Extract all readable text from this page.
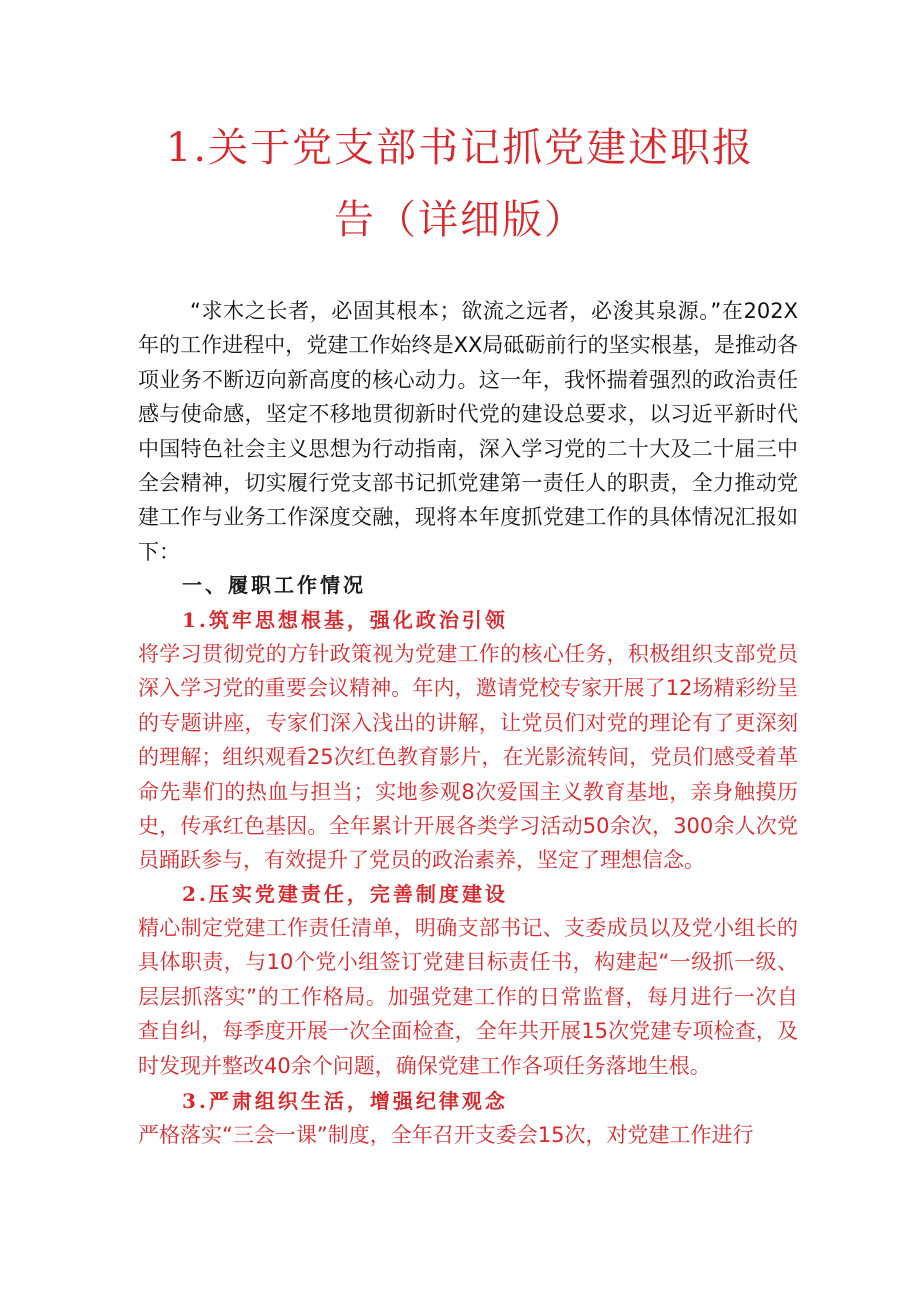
1.关于党支部书记抓党建述职报
告（详细版）

“求木之长者，必固其根本；欲流之远者，必浚其泉源。”在202X年的工作进程中，党建工作始终是XX局砥砺前行的坚实根基，是推动各项业务不断迈向新高度的核心动力。这一年，我怀揣着强烈的政治责任感与使命感，坚定不移地贯彻新时代党的建设总要求，以习近平新时代中国特色社会主义思想为行动指南，深入学习党的二十大及二十届三中全会精神，切实履行党支部书记抓党建第一责任人的职责，全力推动党建工作与业务工作深度交融，现将本年度抓党建工作的具体情况汇报如下：

一、履职工作情况
1.筑牢思想根基，强化政治引领

将学习贯彻党的方针政策视为党建工作的核心任务，积极组织支部党员深入学习党的重要会议精神。年内，邀请党校专家开展了12场精彩纷呈的专题讲座，专家们深入浅出的讲解，让党员们对党的理论有了更深刻的理解；组织观看25次红色教育影片，在光影流转间，党员们感受着革命先辈们的热血与担当；实地参观8次爱国主义教育基地，亲身触摸历史，传承红色基因。全年累计开展各类学习活动50余次，300余人次党员踊跃参与，有效提升了党员的政治素养，坚定了理想信念。

2.压实党建责任，完善制度建设

精心制定党建工作责任清单，明确支部书记、支委成员以及党小组长的具体职责，与10个党小组签订党建目标责任书，构建起“一级抓一级、层层抓落实”的工作格局。加强党建工作的日常监督，每月进行一次自查自纠，每季度开展一次全面检查，全年共开展15次党建专项检查，及时发现并整改40余个问题，确保党建工作各项任务落地生根。

3.严肃组织生活，增强纪律观念

严格落实“三会一课”制度，全年召开支委会15次，对党建工作进行
